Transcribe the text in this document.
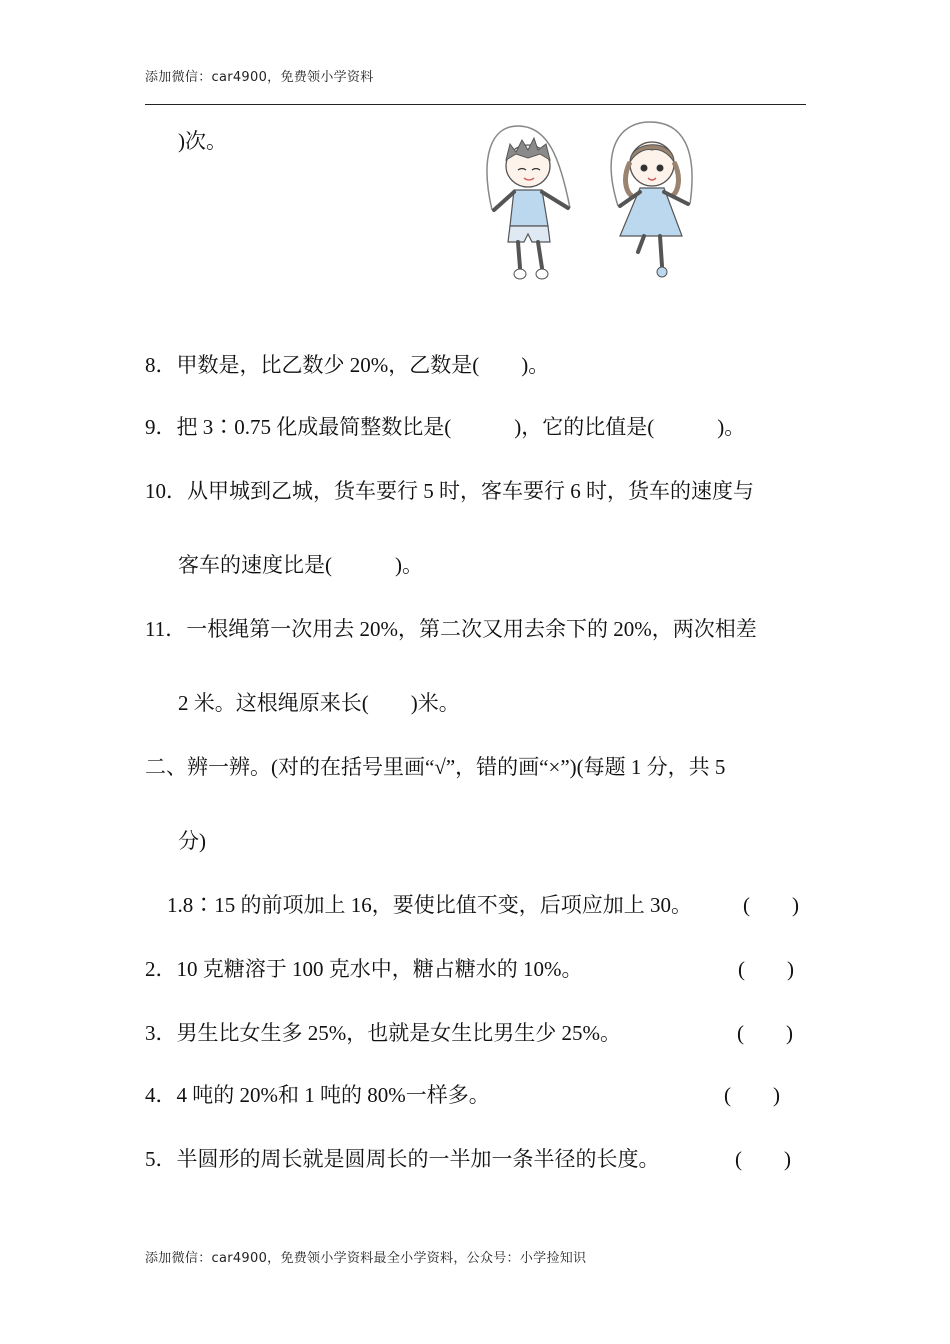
添加微信：car4900，免费领小学资料
)次。
8．甲数是，比乙数少 20%，乙数是(　　)。
9．把 3∶0.75 化成最简整数比是(　　　)，它的比值是(　　　)。
10．从甲城到乙城，货车要行 5 时，客车要行 6 时，货车的速度与
客车的速度比是(　　　)。
11．一根绳第一次用去 20%，第二次又用去余下的 20%，两次相差
2 米。这根绳原来长(　　)米。
二、辨一辨。(对的在括号里画“√”，错的画“×”)(每题 1 分，共 5
分)
1.8∶15 的前项加上 16，要使比值不变，后项应加上 30。 (　　)
2．10 克糖溶于 100 克水中，糖占糖水的 10%。	(　　)
3．男生比女生多 25%，也就是女生比男生少 25%。	(　　)
4．4 吨的 20%和 1 吨的 80%一样多。	(　　)
5．半圆形的周长就是圆周长的一半加一条半径的长度。	(　　)
添加微信：car4900，免费领小学资料最全小学资料，公众号：小学捡知识
